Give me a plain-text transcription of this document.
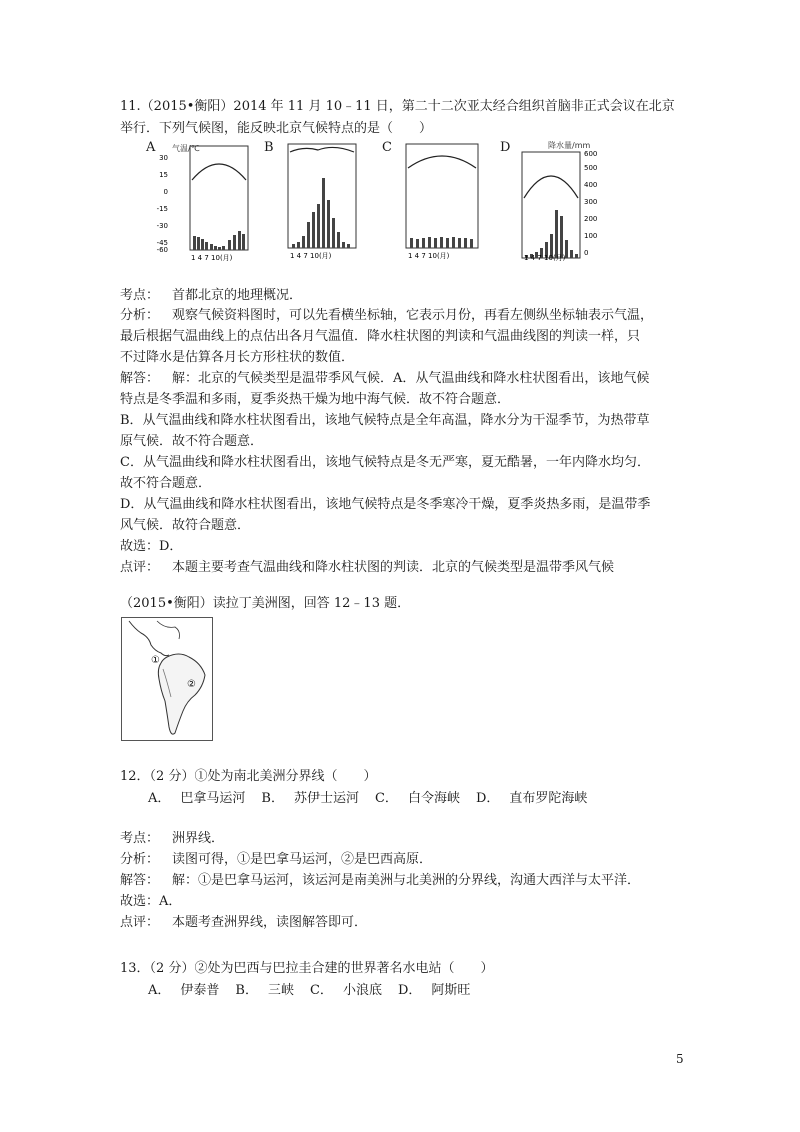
11.（2015•衡阳）2014 年 11 月 10﹣11 日，第二十二次亚太经合组织首脑非正式会议在北京
举行．下列气候图，能反映北京气候特点的是（　　）
A 气温/℃
30
15
0
-15
-30
-45
-60
1 4 7 10(月)
B
1 4 7 10(月)
C
1 4 7 10(月)
D	降水量/mm
600
500
400
300
200
100
0
1 4 7 10(月)
考点： 首都北京的地理概况．
分析： 观察气候资料图时，可以先看横坐标轴，它表示月份，再看左侧纵坐标轴表示气温，
最后根据气温曲线上的点估出各月气温值．降水柱状图的判读和气温曲线图的判读一样，只
不过降水是估算各月长方形柱状的数值．
解答： 解：北京的气候类型是温带季风气候．A．从气温曲线和降水柱状图看出，该地气候
特点是冬季温和多雨，夏季炎热干燥为地中海气候．故不符合题意．
B．从气温曲线和降水柱状图看出，该地气候特点是全年高温，降水分为干湿季节，为热带草
原气候．故不符合题意．
C．从气温曲线和降水柱状图看出，该地气候特点是冬无严寒，夏无酷暑，一年内降水均匀．
故不符合题意．
D．从气温曲线和降水柱状图看出，该地气候特点是冬季寒冷干燥，夏季炎热多雨，是温带季
风气候．故符合题意．
故选：D．
点评： 本题主要考查气温曲线和降水柱状图的判读．北京的气候类型是温带季风气候
（2015•衡阳）读拉丁美洲图，回答 12﹣13 题．
①
②
12．（2 分）①处为南北美洲分界线（　　）
A． 巴拿马运河 B． 苏伊士运河 C． 白令海峡 D． 直布罗陀海峡
考点： 洲界线．
分析： 读图可得，①是巴拿马运河，②是巴西高原．
解答： 解：①是巴拿马运河，该运河是南美洲与北美洲的分界线，沟通大西洋与太平洋．
故选：A．
点评： 本题考查洲界线，读图解答即可．
13．（2 分）②处为巴西与巴拉圭合建的世界著名水电站（　　）
A． 伊泰普 B． 三峡 C． 小浪底 D． 阿斯旺
5
